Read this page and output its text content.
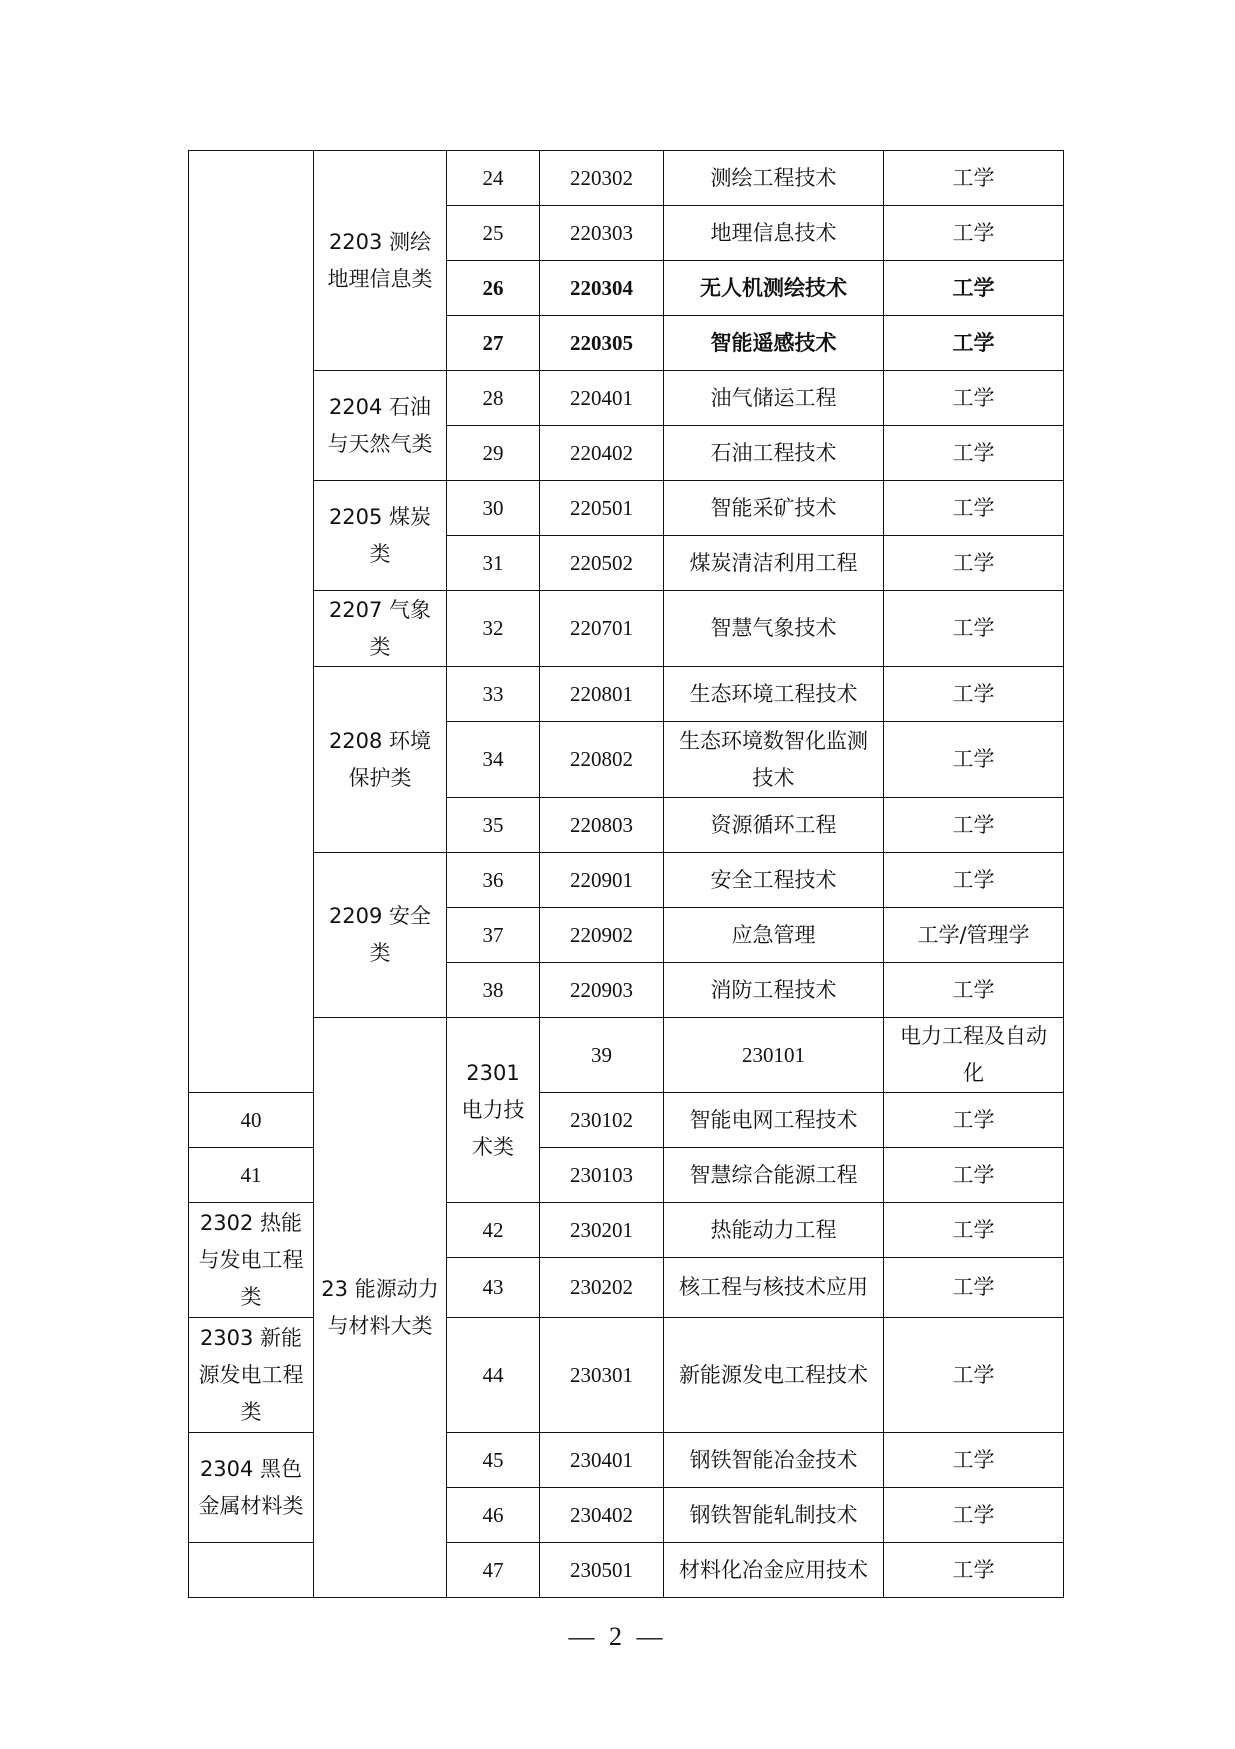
	2203 测绘地理信息类	24	220302	测绘工程技术	工学	
		25	220303	地理信息技术	工学	
		26	220304	无人机测绘技术	工学	
		27	220305	智能遥感技术	工学	
	2204 石油与天然气类	28	220401	油气储运工程	工学	
		29	220402	石油工程技术	工学	
	2205 煤炭类	30	220501	智能采矿技术	工学	
		31	220502	煤炭清洁利用工程	工学	
	2207 气象类	32	220701	智慧气象技术	工学	
	2208 环境保护类	33	220801	生态环境工程技术	工学	
		34	220802	生态环境数智化监测技术	工学	
		35	220803	资源循环工程	工学	
	2209 安全类	36	220901	安全工程技术	工学	
		37	220902	应急管理	工学/管理学	
		38	220903	消防工程技术	工学	
	23 能源动力与材料大类	2301 电力技术类	39	230101	电力工程及自动化	
40			230102	智能电网工程技术	工学	
41			230103	智慧综合能源工程	工学	
2302 热能与发电工程类		42	230201	热能动力工程	工学	
		43	230202	核工程与核技术应用	工学	
2303 新能源发电工程类		44	230301	新能源发电工程技术	工学	
2304 黑色金属材料类		45	230401	钢铁智能冶金技术	工学	
		46	230402	钢铁智能轧制技术	工学	
		47	230501	材料化冶金应用技术	工学	
— 2 —
